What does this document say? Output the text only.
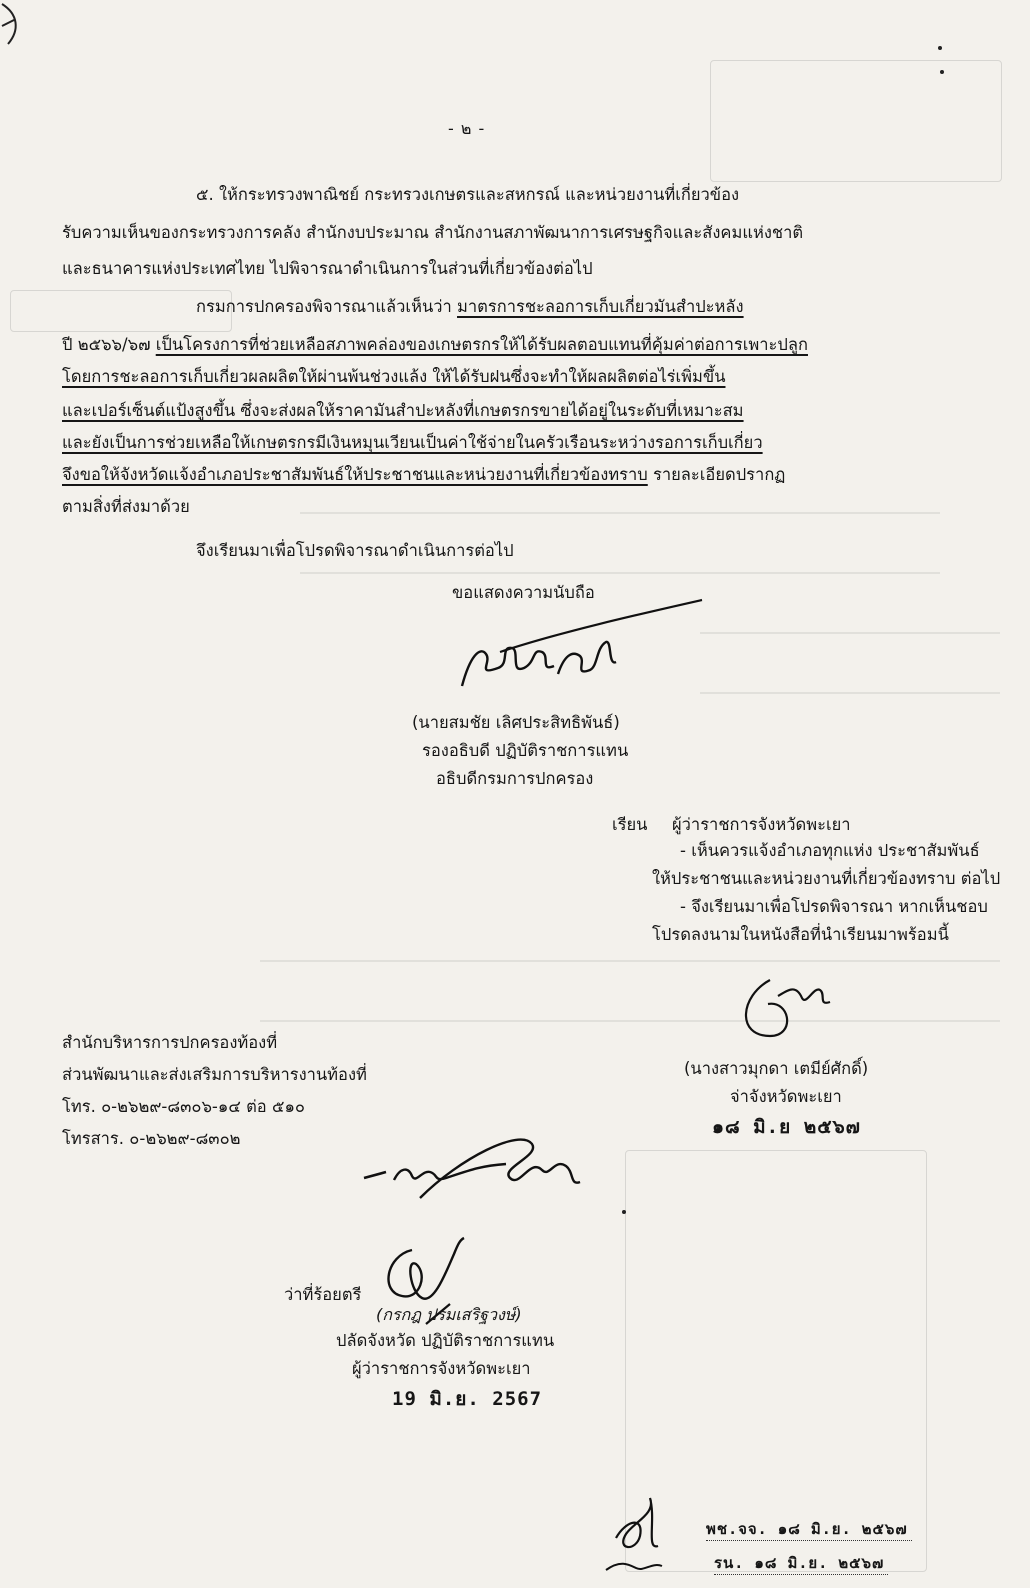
- ๒ -
๕. ให้กระทรวงพาณิชย์ กระทรวงเกษตรและสหกรณ์ และหน่วยงานที่เกี่ยวข้อง
รับความเห็นของกระทรวงการคลัง สำนักงบประมาณ สำนักงานสภาพัฒนาการเศรษฐกิจและสังคมแห่งชาติ
และธนาคารแห่งประเทศไทย ไปพิจารณาดำเนินการในส่วนที่เกี่ยวข้องต่อไป
กรมการปกครองพิจารณาแล้วเห็นว่า มาตรการชะลอการเก็บเกี่ยวมันสำปะหลัง
ปี ๒๕๖๖/๖๗ เป็นโครงการที่ช่วยเหลือสภาพคล่องของเกษตรกรให้ได้รับผลตอบแทนที่คุ้มค่าต่อการเพาะปลูก
โดยการชะลอการเก็บเกี่ยวผลผลิตให้ผ่านพ้นช่วงแล้ง ให้ได้รับฝนซึ่งจะทำให้ผลผลิตต่อไร่เพิ่มขึ้น
และเปอร์เซ็นต์แป้งสูงขึ้น ซึ่งจะส่งผลให้ราคามันสำปะหลังที่เกษตรกรขายได้อยู่ในระดับที่เหมาะสม
และยังเป็นการช่วยเหลือให้เกษตรกรมีเงินหมุนเวียนเป็นค่าใช้จ่ายในครัวเรือนระหว่างรอการเก็บเกี่ยว
จึงขอให้จังหวัดแจ้งอำเภอประชาสัมพันธ์ให้ประชาชนและหน่วยงานที่เกี่ยวข้องทราบ รายละเอียดปรากฏ
ตามสิ่งที่ส่งมาด้วย
จึงเรียนมาเพื่อโปรดพิจารณาดำเนินการต่อไป
ขอแสดงความนับถือ
(นายสมชัย เลิศประสิทธิพันธ์)
รองอธิบดี ปฏิบัติราชการแทน
อธิบดีกรมการปกครอง
เรียน ผู้ว่าราชการจังหวัดพะเยา
- เห็นควรแจ้งอำเภอทุกแห่ง ประชาสัมพันธ์
ให้ประชาชนและหน่วยงานที่เกี่ยวข้องทราบ ต่อไป
- จึงเรียนมาเพื่อโปรดพิจารณา หากเห็นชอบ
โปรดลงนามในหนังสือที่นำเรียนมาพร้อมนี้
(นางสาวมุกดา เตมีย์ศักดิ์)
จ่าจังหวัดพะเยา
๑๘ มิ.ย ๒๕๖๗
สำนักบริหารการปกครองท้องที่
ส่วนพัฒนาและส่งเสริมการบริหารงานท้องที่
โทร. ๐-๒๖๒๙-๘๓๐๖-๑๔ ต่อ ๕๑๐
โทรสาร. ๐-๒๖๒๙-๘๓๐๒
ว่าที่ร้อยตรี
(กรกฎ ปรมเสริฐวงษ์)
ปลัดจังหวัด ปฏิบัติราชการแทน
ผู้ว่าราชการจังหวัดพะเยา
19 มิ.ย. 2567
พช.จจ. ๑๘ มิ.ย. ๒๕๖๗
รน. ๑๘ มิ.ย. ๒๕๖๗
